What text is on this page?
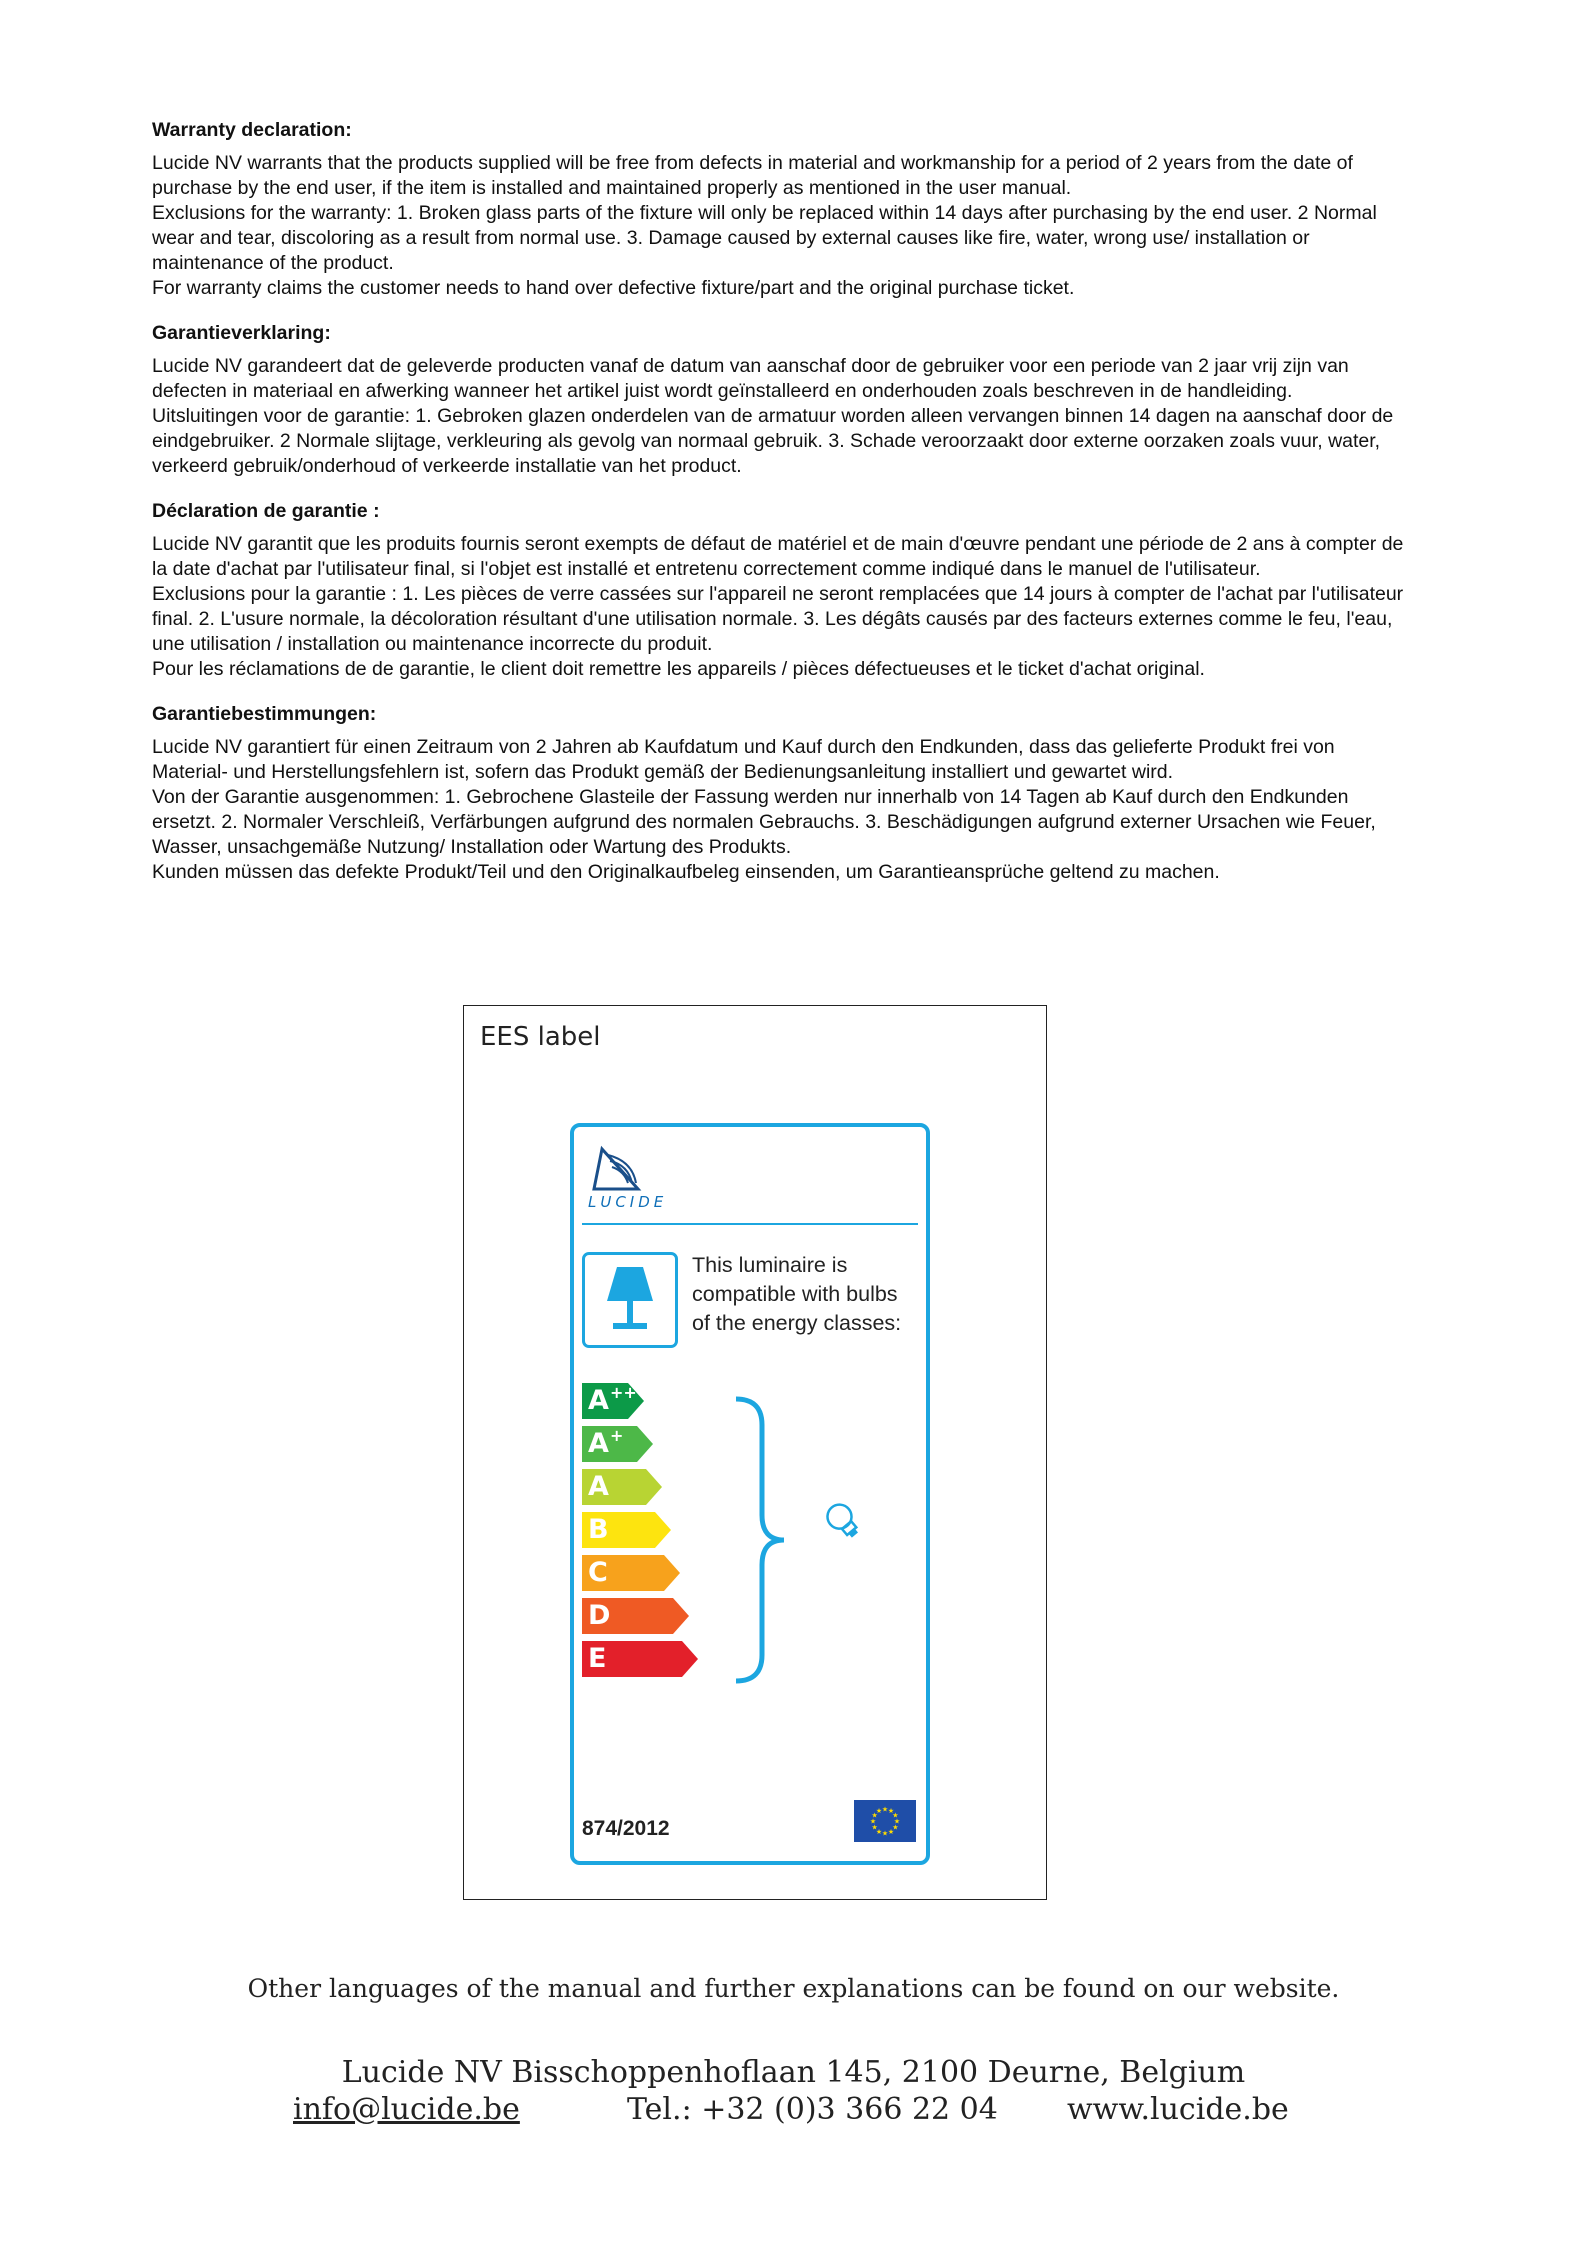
Warranty declaration:

Lucide NV warrants that the products supplied will be free from defects in material and workmanship for a period of 2 years from the date of purchase by the end user, if the item is installed and maintained properly as mentioned in the user manual.

Exclusions for the warranty: 1. Broken glass parts of the fixture will only be replaced within 14 days after purchasing by the end user. 2 Normal wear and tear, discoloring as a result from normal use. 3. Damage caused by external causes like fire, water, wrong use/ installation or maintenance of the product.

For warranty claims the customer needs to hand over defective fixture/part and the original purchase ticket.

Garantieverklaring:

Lucide NV garandeert dat de geleverde producten vanaf de datum van aanschaf door de gebruiker voor een periode van 2 jaar vrij zijn van defecten in materiaal en afwerking wanneer het artikel juist wordt geïnstalleerd en onderhouden zoals beschreven in de handleiding.

Uitsluitingen voor de garantie: 1. Gebroken glazen onderdelen van de armatuur worden alleen vervangen binnen 14 dagen na aanschaf door de eindgebruiker. 2 Normale slijtage, verkleuring als gevolg van normaal gebruik. 3. Schade veroorzaakt door externe oorzaken zoals vuur, water, verkeerd gebruik/onderhoud of verkeerde installatie van het product.

Déclaration de garantie :

Lucide NV garantit que les produits fournis seront exempts de défaut de matériel et de main d'œuvre pendant une période de 2 ans à compter de la date d'achat par l'utilisateur final, si l'objet est installé et entretenu correctement comme indiqué dans le manuel de l'utilisateur.

Exclusions pour la garantie : 1. Les pièces de verre cassées sur l'appareil ne seront remplacées que 14 jours à compter de l'achat par l'utilisateur final. 2. L'usure normale, la décoloration résultant d'une utilisation normale. 3. Les dégâts causés par des facteurs externes comme le feu, l'eau, une utilisation / installation ou maintenance incorrecte du produit.

Pour les réclamations de de garantie, le client doit remettre les appareils / pièces défectueuses et le ticket d'achat original.

Garantiebestimmungen:

Lucide NV garantiert für einen Zeitraum von 2 Jahren ab Kaufdatum und Kauf durch den Endkunden, dass das gelieferte Produkt frei von Material- und Herstellungsfehlern ist, sofern das Produkt gemäß der Bedienungsanleitung installiert und gewartet wird.

Von der Garantie ausgenommen: 1. Gebrochene Glasteile der Fassung werden nur innerhalb von 14 Tagen ab Kauf durch den Endkunden ersetzt. 2. Normaler Verschleiß, Verfärbungen aufgrund des normalen Gebrauchs. 3. Beschädigungen aufgrund externer Ursachen wie Feuer, Wasser, unsachgemäße Nutzung/ Installation oder Wartung des Produkts.

Kunden müssen das defekte Produkt/Teil und den Originalkaufbeleg einsenden, um Garantieansprüche geltend zu machen.

EES label
LUCIDE

This luminaire is

compatible with bulbs

of the energy classes:

A ++
A +
A
B
C
D
E
874/2012	★
★
★
★
★
★
★
★
★ ★ ★
★
Other languages of the manual and further explanations can be found on our website.
Lucide NV Bisschoppenhoflaan 145, 2100 Deurne, Belgium
info@lucide.be	Tel.: +32 (0)3 366 22 04 www.lucide.be
